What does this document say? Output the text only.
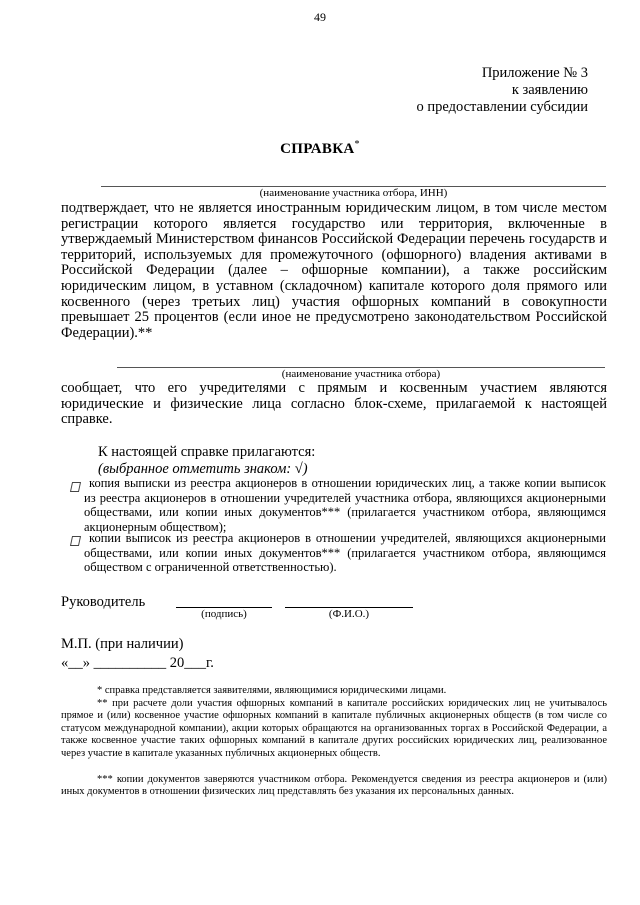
49
Приложение № 3
к заявлению
о предоставлении субсидии
СПРАВКА*
(наименование участника отбора, ИНН)
подтверждает, что не является иностранным юридическим лицом, в том числе местом регистрации которого является государство или территория, включенные в утверждаемый Министерством финансов Российской Федерации перечень государств и территорий, используемых для промежуточного (офшорного) владения активами в Российской Федерации (далее – офшорные компании), а также российским юридическим лицом, в уставном (складочном) капитале которого доля прямого или косвенного (через третьих лиц) участия офшорных компаний в совокупности превышает 25 процентов (если иное не предусмотрено законодательством Российской Федерации).**
(наименование участника отбора)
сообщает, что его учредителями с прямым и косвенным участием являются юридические и физические лица согласно блок-схеме, прилагаемой к настоящей справке.
К настоящей справке прилагаются:
(выбранное отметить знаком: √)
копия выписки из реестра акционеров в отношении юридических лиц, а также копии выписок из реестра акционеров в отношении учредителей участника отбора, являющихся акционерными обществами, или копии иных документов*** (прилагается участником отбора, являющимся акционерным обществом);
копии выписок из реестра акционеров в отношении учредителей, являющихся акционерными обществами, или копии иных документов*** (прилагается участником отбора, являющимся обществом с ограниченной ответственностью).
Руководитель
(подпись)	(Ф.И.О.)
М.П. (при наличии)
«__» __________ 20___г.
* справка представляется заявителями, являющимися юридическими лицами.
** при расчете доли участия офшорных компаний в капитале российских юридических лиц не учитывалось прямое и (или) косвенное участие офшорных компаний в капитале публичных акционерных обществ (в том числе со статусом международной компании), акции которых обращаются на организованных торгах в Российской Федерации, а также косвенное участие таких офшорных компаний в капитале других российских юридических лиц, реализованное через участие в капитале указанных публичных акционерных обществ.
*** копии документов заверяются участником отбора. Рекомендуется сведения из реестра акционеров и (или) иных документов в отношении физических лиц представлять без указания их персональных данных.
